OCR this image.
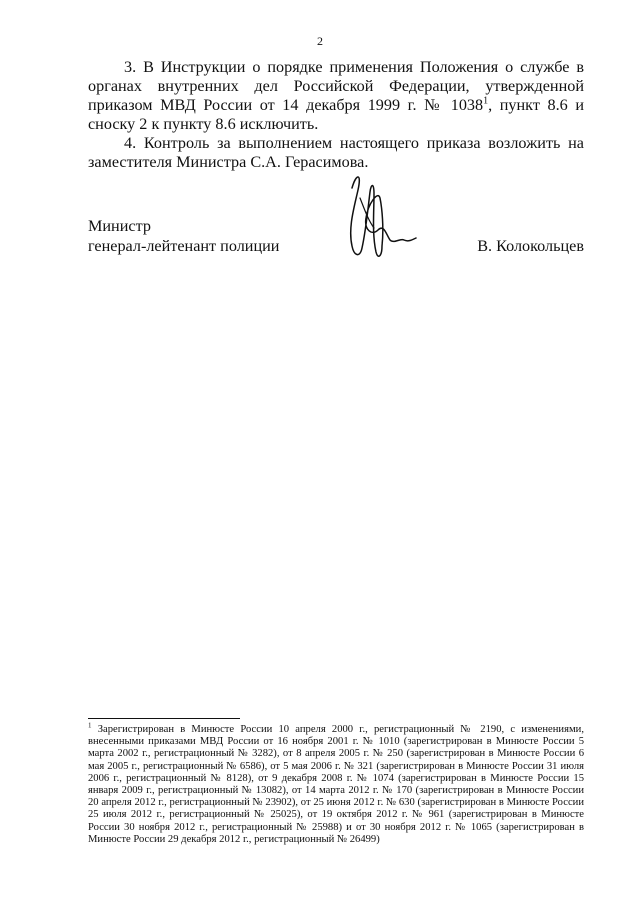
2

3. В Инструкции о порядке применения Положения о службе в органах внутренних дел Российской Федерации, утвержденной приказом МВД России от 14 декабря 1999 г. № 1038$^1$, пункт 8.6 и сноску 2 к пункту 8.6 исключить.

4. Контроль за выполнением настоящего приказа возложить на заместителя Министра С.А. Герасимова.

Министр
генерал-лейтенант полиции	В. Колокольцев
$^1$ Зарегистрирован в Минюсте России 10 апреля 2000 г., регистрационный № 2190, с изменениями, внесенными приказами МВД России от 16 ноября 2001 г. № 1010 (зарегистрирован в Минюсте России 5 марта 2002 г., регистрационный № 3282), от 8 апреля 2005 г. № 250 (зарегистрирован в Минюсте России 6 мая 2005 г., регистрационный № 6586), от 5 мая 2006 г. № 321 (зарегистрирован в Минюсте России 31 июля 2006 г., регистрационный № 8128), от 9 декабря 2008 г. № 1074 (зарегистрирован в Минюсте России 15 января 2009 г., регистрационный № 13082), от 14 марта 2012 г. № 170 (зарегистрирован в Минюсте России 20 апреля 2012 г., регистрационный № 23902), от 25 июня 2012 г. № 630 (зарегистрирован в Минюсте России 25 июля 2012 г., регистрационный № 25025), от 19 октября 2012 г. № 961 (зарегистрирован в Минюсте России 30 ноября 2012 г., регистрационный № 25988) и от 30 ноября 2012 г. № 1065 (зарегистрирован в Минюсте России 29 декабря 2012 г., регистрационный № 26499)
